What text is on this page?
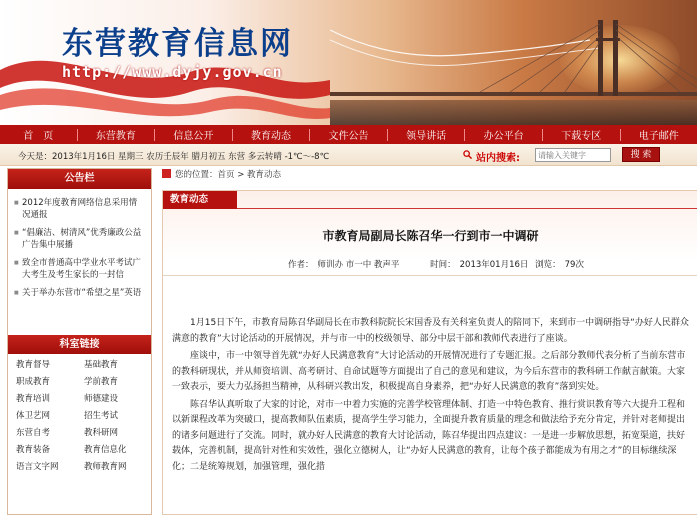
东营教育信息网
http://www.dyjy.gov.cn
首　页	东营教育	信息公开	教育动态	文件公告	领导讲话	办公平台	下载专区	电子邮件
今天是：2013年1月16日 星期三 农历壬辰年 腊月初五 东营 多云转晴 -1℃～-8℃	站内搜索:
请输入关键字	搜 索
公告栏
■ 2012年度教育网络信息采用情况通报
■ “倡廉洁、树清风”优秀廉政公益广告集中展播
■ 致全市普通高中学业水平考试广大考生及考生家长的一封信
■ 关于举办东营市“希望之星”英语
科室链接
教育督导	基础教育
职成教育	学前教育
教育培训	师德建设
体卫艺网	招生考试
东营自考	教科研网
教育装备	教育信息化
语言文字网	教师教育网
您的位置：首页 > 教育动态
教育动态
市教育局副局长陈召华一行到市一中调研
作者： 师训办 市一中 教声平	时间： 2013年01月16日 浏览： 79次

1月15日下午，市教育局陈召华副局长在市教科院院长宋国香及有关科室负责人的陪同下，来到市一中调研指导“办好人民群众满意的教育”大讨论活动的开展情况，并与市一中的校级领导、部分中层干部和教师代表进行了座谈。

座谈中，市一中领导首先就“办好人民满意教育”大讨论活动的开展情况进行了专题汇报。之后部分教师代表分析了当前东营市的教科研现状，并从师资培训、高考研讨、自命试题等方面提出了自己的意见和建议，为今后东营市的教科研工作献言献策。大家一致表示，要大力弘扬担当精神，从科研兴教出发，积极提高自身素养，把“办好人民满意的教育”落到实处。

陈召华认真听取了大家的讨论，对市一中着力实施的完善学校管理体制、打造一中特色教育、推行赏识教育等六大提升工程和以新课程改革为突破口，提高教师队伍素质，提高学生学习能力，全面提升教育质量的理念和做法给予充分肯定，并针对老师提出的诸多问题进行了交流。同时，就办好人民满意的教育大讨论活动，陈召华提出四点建议：一是进一步解放思想，拓宽渠道，扶好载体，完善机制，提高针对性和实效性，强化立德树人，让“办好人民满意的教育，让每个孩子都能成为有用之才”的目标继续深化；二是统筹规划，加强管理，强化措
